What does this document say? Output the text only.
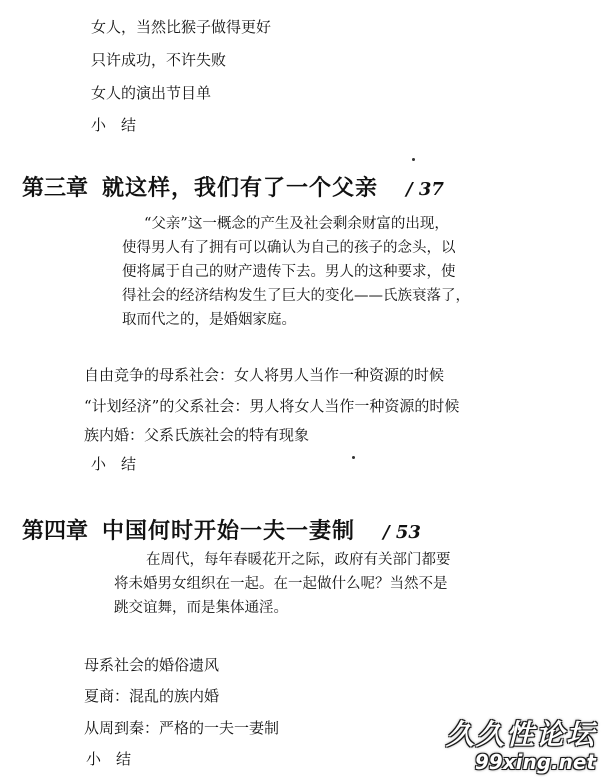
女人，当然比猴子做得更好
只许成功，不许失败
女人的演出节目单
小　结
第三章 就这样，我们有了一个父亲 / 37
“父亲”这一概念的产生及社会剩余财富的出现，
使得男人有了拥有可以确认为自己的孩子的念头，以
便将属于自己的财产遗传下去。男人的这种要求，使
得社会的经济结构发生了巨大的变化——氏族衰落了，
取而代之的，是婚姻家庭。
自由竞争的母系社会：女人将男人当作一种资源的时候
“计划经济”的父系社会：男人将女人当作一种资源的时候
族内婚：父系氏族社会的特有现象
小　结
第四章 中国何时开始一夫一妻制 / 53
在周代，每年春暖花开之际，政府有关部门都要
将未婚男女组织在一起。在一起做什么呢？当然不是
跳交谊舞，而是集体通淫。
母系社会的婚俗遗风
夏商：混乱的族内婚
从周到秦：严格的一夫一妻制
小　结
久久性论坛
99xing.net
